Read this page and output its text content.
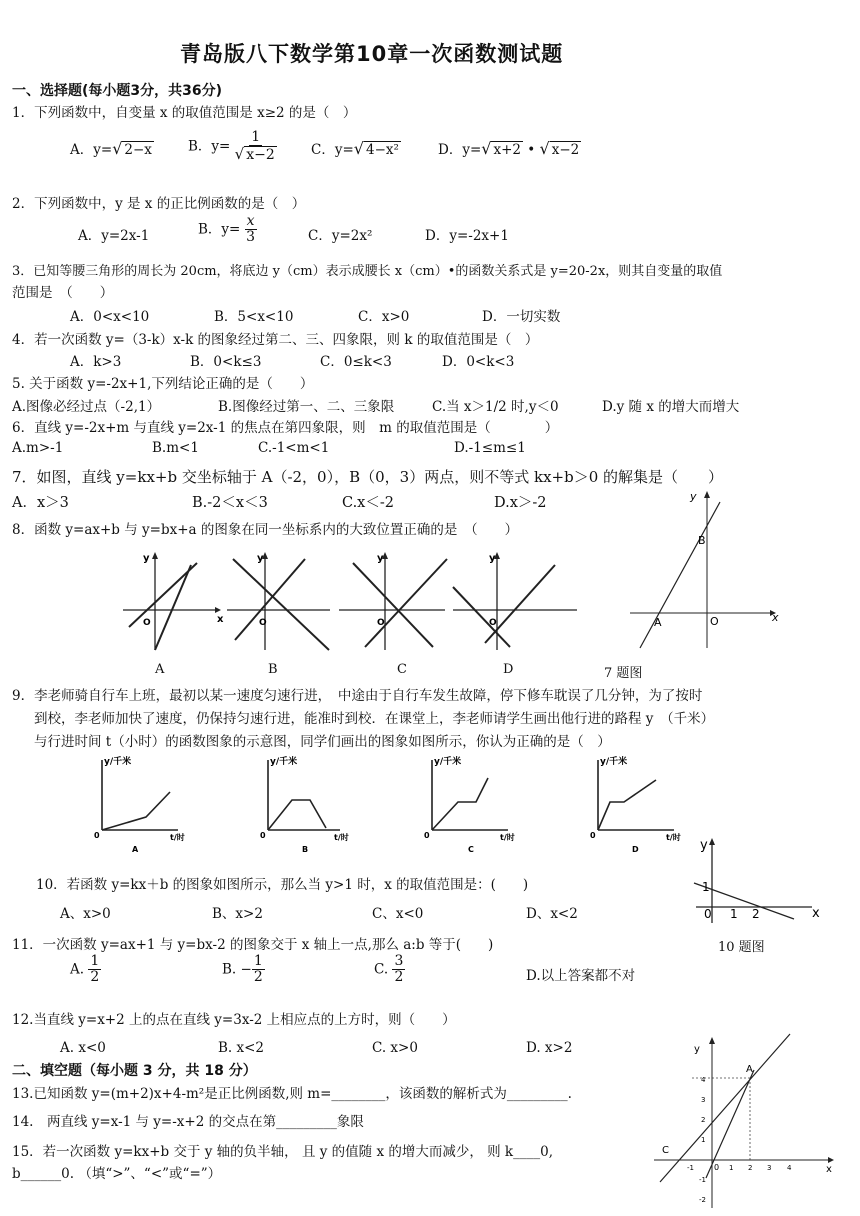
青岛版八下数学第10章一次函数测试题
一、选择题(每小题3分，共36分)
1．下列函数中，自变量 x 的取值范围是 x≥2 的是（　）
A．y=√ 2−x	B．$y= \frac{1}{√ x-2}$	C．y=√ 4−x²	D．y=√ x+2 • √ x−2
2．下列函数中，y 是 x 的正比例函数的是（　）
A．y=2x-1	B．$y= \frac{x}{3}$	C．y=2x²	D．y=-2x+1
3．已知等腰三角形的周长为 20cm，将底边 y（cm）表示成腰长 x（cm）•的函数关系式是 y=20-2x，则其自变量的取值
范围是　（　　）
A．0<x<10	B．5<x<10	C．x>0	D．一切实数
4．若一次函数 y=（3-k）x-k 的图象经过第二、三、四象限，则 k 的取值范围是（　）
A．k>3	B．0<k≤3	C．0≤k<3	D．0<k<3
5. 关于函数 y=-2x+1,下列结论正确的是（　　）
A.图像必经过点（-2,1）	B.图像经过第一、二、三象限	C.当 x＞1/2 时,y＜0	D.y 随 x 的增大而增大
6．直线 y=-2x+m 与直线 y=2x-1 的焦点在第四象限，则　m 的取值范围是（　　　　）
A.m>-1	B.m<1	C.-1<m<1	D.-1≤m≤1
7．如图，直线 y=kx+b 交坐标轴于 A（-2，0），B（0，3）两点，则不等式 kx+b＞0 的解集是（　　）
A．x＞3	B.-2＜x＜3	C.x＜-2	D.x＞-2
x
y
O
A
B
7 题图
8．函数 y=ax+b 与 y=bx+a 的图象在同一坐标系内的大致位置正确的是　（　　）
y
O
y
O
x
y
O
y
O
A	B	C	D
9．李老师骑自行车上班，最初以某一速度匀速行进，　中途由于自行车发生故障，停下修车耽误了几分钟，为了按时
到校，李老师加快了速度，仍保持匀速行进，能准时到校．在课堂上，李老师请学生画出他行进的路程 y　（千米）
与行进时间 t（小时）的函数图象的示意图，同学们画出的图象如图所示，你认为正确的是（　）
y/千米
t/时
0
A
y/千米
t/时
0
B
y/千米
t/时
0
C
y/千米
t/时
0
D
10．若函数 y=kx＋b 的图象如图所示，那么当 y>1 时，x 的取值范围是：(　　)
A、x>0	B、x>2	C、x<0	D、x<2
y
x
1
0 1 2
10 题图
11．一次函数 y=ax+1 与 y=bx-2 的图象交于 x 轴上一点,那么 a:b 等于(　　)
A. $\frac{1}{2}$	B. − $\frac{1}{2}$	C. $\frac{3}{2}$	D.以上答案都不对
12.当直线 y=x+2 上的点在直线 y=3x-2 上相应点的上方时，则（　　）
A. x<0	B. x<2	C. x>0	D. x>2
二、填空题（每小题 3 分，共 18 分）
13.已知函数 y=(m+2)x+4-m²是正比例函数,则 m=________，该函数的解析式为_________.
14.　两直线 y=x-1 与 y=-x+2 的交点在第_________象限
15．若一次函数 y=kx+b 交于 y 轴的负半轴， 且 y 的值随 x 的增大而减少， 则 k____0,
b______0. （填“>”、“<”或“=”）
y
x
A
C
0
4
3
2
1
-1
-2
-1	1 2 3 4
